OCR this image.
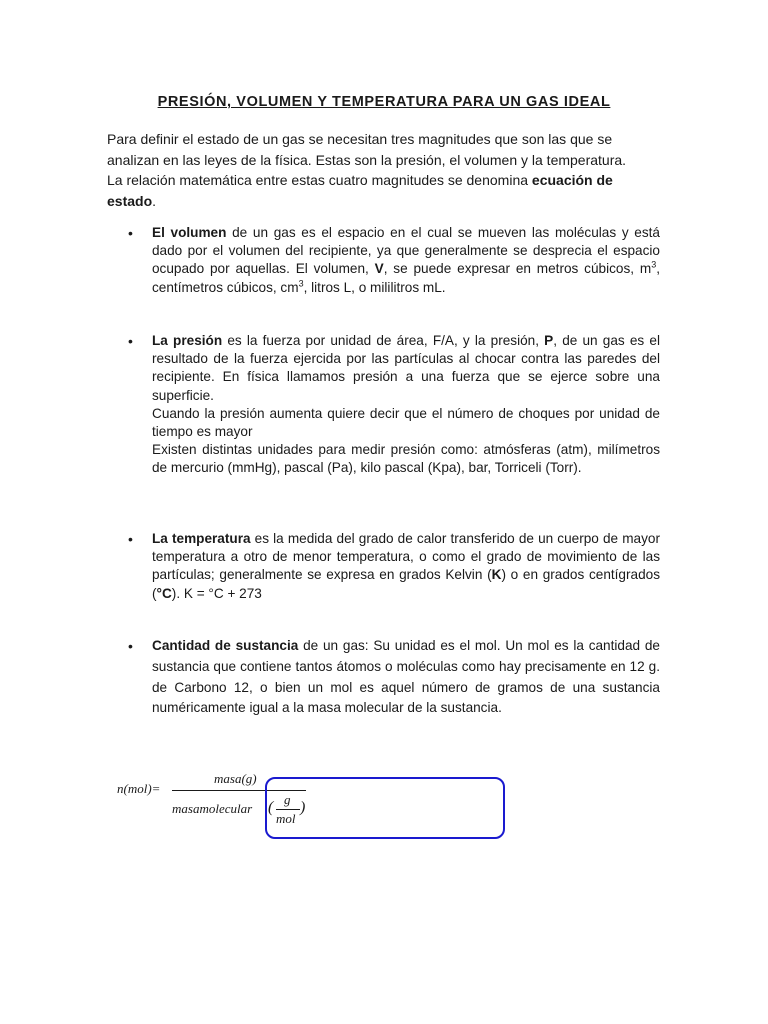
PRESIÓN, VOLUMEN Y TEMPERATURA PARA UN GAS IDEAL
Para definir el estado de un gas se necesitan tres magnitudes que son las que se analizan en las leyes de la física. Estas son la presión, el volumen y la temperatura. La relación matemática entre estas cuatro magnitudes se denomina ecuación de estado.
• El volumen de un gas es el espacio en el cual se mueven las moléculas y está dado por el volumen del recipiente, ya que generalmente se desprecia el espacio ocupado por aquellas. El volumen, V, se puede expresar en metros cúbicos, $m^3$, centímetros cúbicos, $cm^3$, litros L, o mililitros mL.

• La presión es la fuerza por unidad de área, F/A, y la presión, P, de un gas es el resultado de la fuerza ejercida por las partículas al chocar contra las paredes del recipiente. En física llamamos presión a una fuerza que se ejerce sobre una superficie.

Cuando la presión aumenta quiere decir que el número de choques por unidad de tiempo es mayor

Existen distintas unidades para medir presión como: atmósferas (atm), milímetros de mercurio (mmHg), pascal (Pa), kilo pascal (Kpa), bar, Torriceli (Torr).

• La temperatura es la medida del grado de calor transferido de un cuerpo de mayor temperatura a otro de menor temperatura, o como el grado de movimiento de las partículas; generalmente se expresa en grados Kelvin (K) o en grados centígrados (°C). K = °C + 273

• Cantidad de sustancia de un gas: Su unidad es el mol. Un mol es la cantidad de sustancia que contiene tantos átomos o moléculas como hay precisamente en 12 g. de Carbono 12, o bien un mol es aquel número de gramos de una sustancia numéricamente igual a la masa molecular de la sustancia.

n(mol)=
masa(g)
masamolecular ( g
mol
)
